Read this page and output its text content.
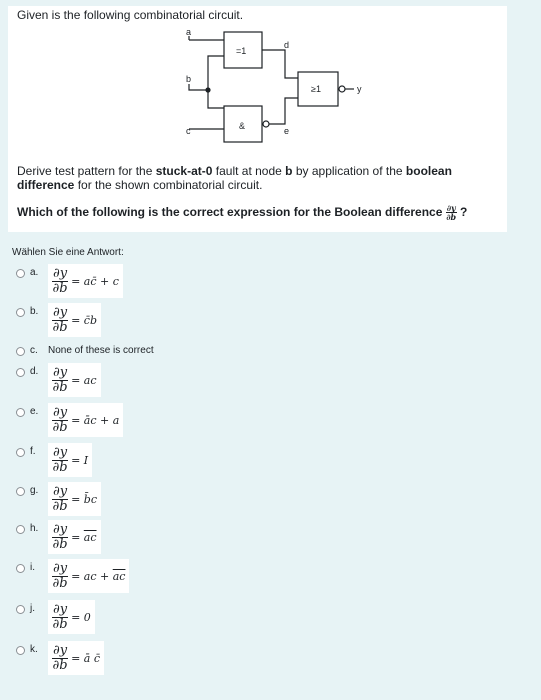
Given is the following combinatorial circuit.
a
b
c
d
e
y
=1
&
≥1
Derive test pattern for the stuck-at-0 fault at node b by application of the boolean difference for the shown combinatorial circuit.
Which of the following is the correct expression for the Boolean difference $\frac{\partial y}{\partial b}$ ?
Wählen Sie eine Antwort:
a.	$\frac{\partial y}{\partial b}$ = ac̄ + c
b.	$\frac{\partial y}{\partial b}$ = c̄b
c.	None of these is correct
d.	$\frac{\partial y}{\partial b}$ = ac
e.	$\frac{\partial y}{\partial b}$ = āc + a
f.	$\frac{\partial y}{\partial b} = I$
g.	$\frac{\partial y}{\partial b}$ = b̄c
h.	$\frac{\partial y}{\partial b} = \overline{ac}$
i.	$\frac{\partial y}{\partial b}$ = ac + $\overline{ac}$
j.	$\frac{\partial y}{\partial b} = 0$
k.	$\frac{\partial y}{\partial b}$ = ā c̄
